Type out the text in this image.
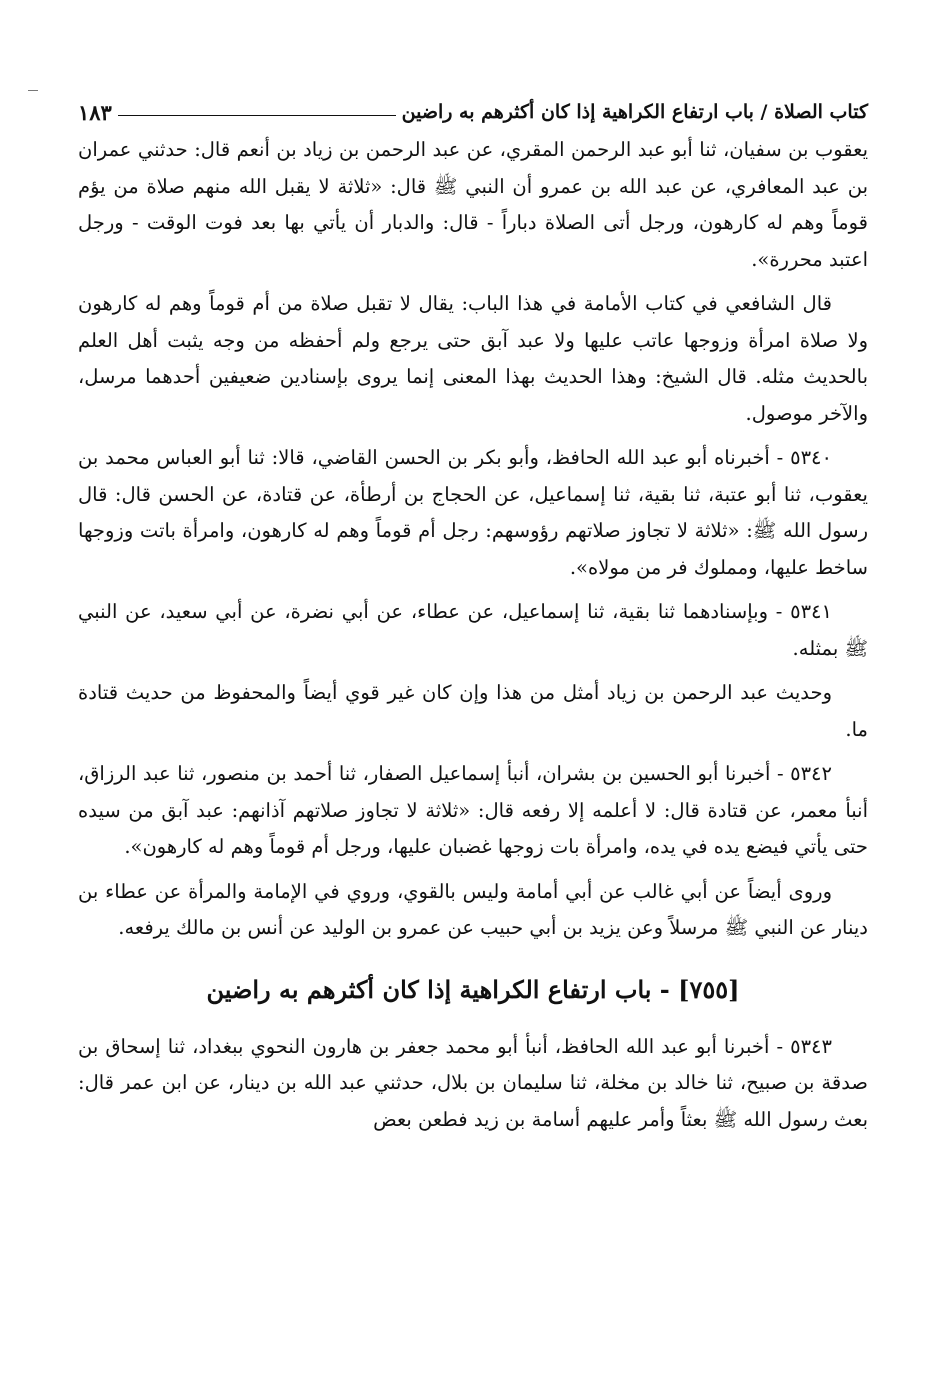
كتاب الصلاة / باب ارتفاع الكراهية إذا كان أكثرهم به راضين
١٨٣

يعقوب بن سفيان، ثنا أبو عبد الرحمن المقري، عن عبد الرحمن بن زياد بن أنعم قال: حدثني عمران بن عبد المعافري، عن عبد الله بن عمرو أن النبي ﷺ قال: «ثلاثة لا يقبل الله منهم صلاة من يؤم قوماً وهم له كارهون، ورجل أتى الصلاة دباراً - قال: والدبار أن يأتي بها بعد فوت الوقت - ورجل اعتبد محررة».

قال الشافعي في كتاب الأمامة في هذا الباب: يقال لا تقبل صلاة من أم قوماً وهم له كارهون ولا صلاة امرأة وزوجها عاتب عليها ولا عبد آبق حتى يرجع ولم أحفظه من وجه يثبت أهل العلم بالحديث مثله. قال الشيخ: وهذا الحديث بهذا المعنى إنما يروى بإسنادين ضعيفين أحدهما مرسل، والآخر موصول.

٥٣٤٠ - أخبرناه أبو عبد الله الحافظ، وأبو بكر بن الحسن القاضي، قالا: ثنا أبو العباس محمد بن يعقوب، ثنا أبو عتبة، ثنا بقية، ثنا إسماعيل، عن الحجاج بن أرطأة، عن قتادة، عن الحسن قال: قال رسول الله ﷺ: «ثلاثة لا تجاوز صلاتهم رؤوسهم: رجل أم قوماً وهم له كارهون، وامرأة باتت وزوجها ساخط عليها، ومملوك فر من مولاه».

٥٣٤١ - وبإسنادهما ثنا بقية، ثنا إسماعيل، عن عطاء، عن أبي نضرة، عن أبي سعيد، عن النبي ﷺ بمثله.

وحديث عبد الرحمن بن زياد أمثل من هذا وإن كان غير قوي أيضاً والمحفوظ من حديث قتادة ما.

٥٣٤٢ - أخبرنا أبو الحسين بن بشران، أنبأ إسماعيل الصفار، ثنا أحمد بن منصور، ثنا عبد الرزاق، أنبأ معمر، عن قتادة قال: لا أعلمه إلا رفعه قال: «ثلاثة لا تجاوز صلاتهم آذانهم: عبد آبق من سيده حتى يأتي فيضع يده في يده، وامرأة بات زوجها غضبان عليها، ورجل أم قوماً وهم له كارهون».

وروى أيضاً عن أبي غالب عن أبي أمامة وليس بالقوي، وروي في الإمامة والمرأة عن عطاء بن دينار عن النبي ﷺ مرسلاً وعن يزيد بن أبي حبيب عن عمرو بن الوليد عن أنس بن مالك يرفعه.

[٧٥٥] - باب ارتفاع الكراهية إذا كان أكثرهم به راضين

٥٣٤٣ - أخبرنا أبو عبد الله الحافظ، أنبأ أبو محمد جعفر بن هارون النحوي ببغداد، ثنا إسحاق بن صدقة بن صبيح، ثنا خالد بن مخلة، ثنا سليمان بن بلال، حدثني عبد الله بن دينار، عن ابن عمر قال: بعث رسول الله ﷺ بعثاً وأمر عليهم أسامة بن زيد فطعن بعض
